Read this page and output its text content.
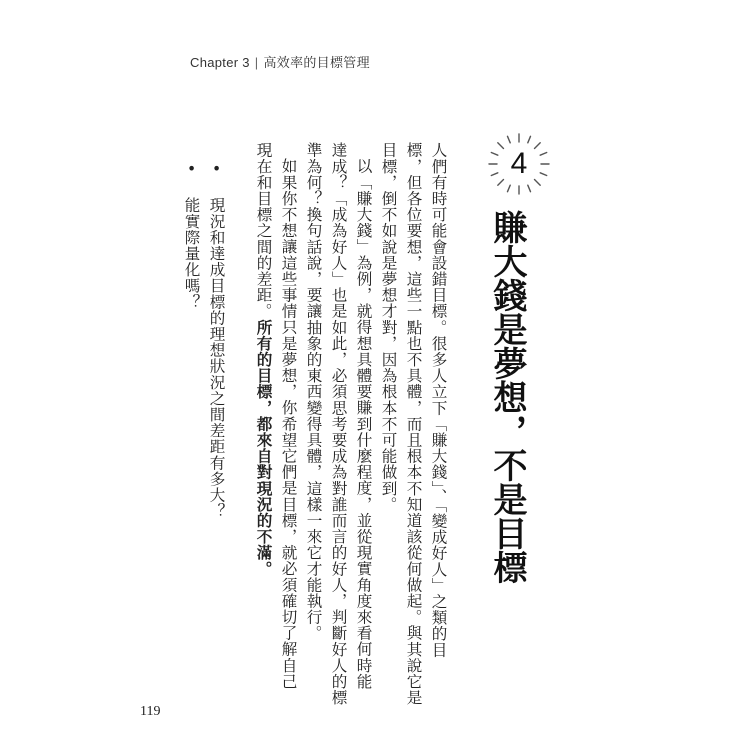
Chapter 3 | 高效率的目標管理
4
賺大錢是夢想，不是目標
人們有時可能會設錯目標。很多人立下「賺大錢」、「變成好人」之類的目
標，但各位要想，這些一點也不具體，而且根本不知道該從何做起。與其說它是
目標，倒不如說是夢想才對，因為根本不可能做到。
以「賺大錢」為例，就得想具體要賺到什麼程度，並從現實角度來看何時能
達成？「成為好人」也是如此，必須思考要成為對誰而言的好人，判斷好人的標
準為何？換句話說，要讓抽象的東西變得具體，這樣一來它才能執行。
如果你不想讓這些事情只是夢想，你希望它們是目標，就必須確切了解自己
現在和目標之間的差距。所有的目標，都來自對現況的不滿。
• 現況和達成目標的理想狀況之間差距有多大？
• 能實際量化嗎？
119
